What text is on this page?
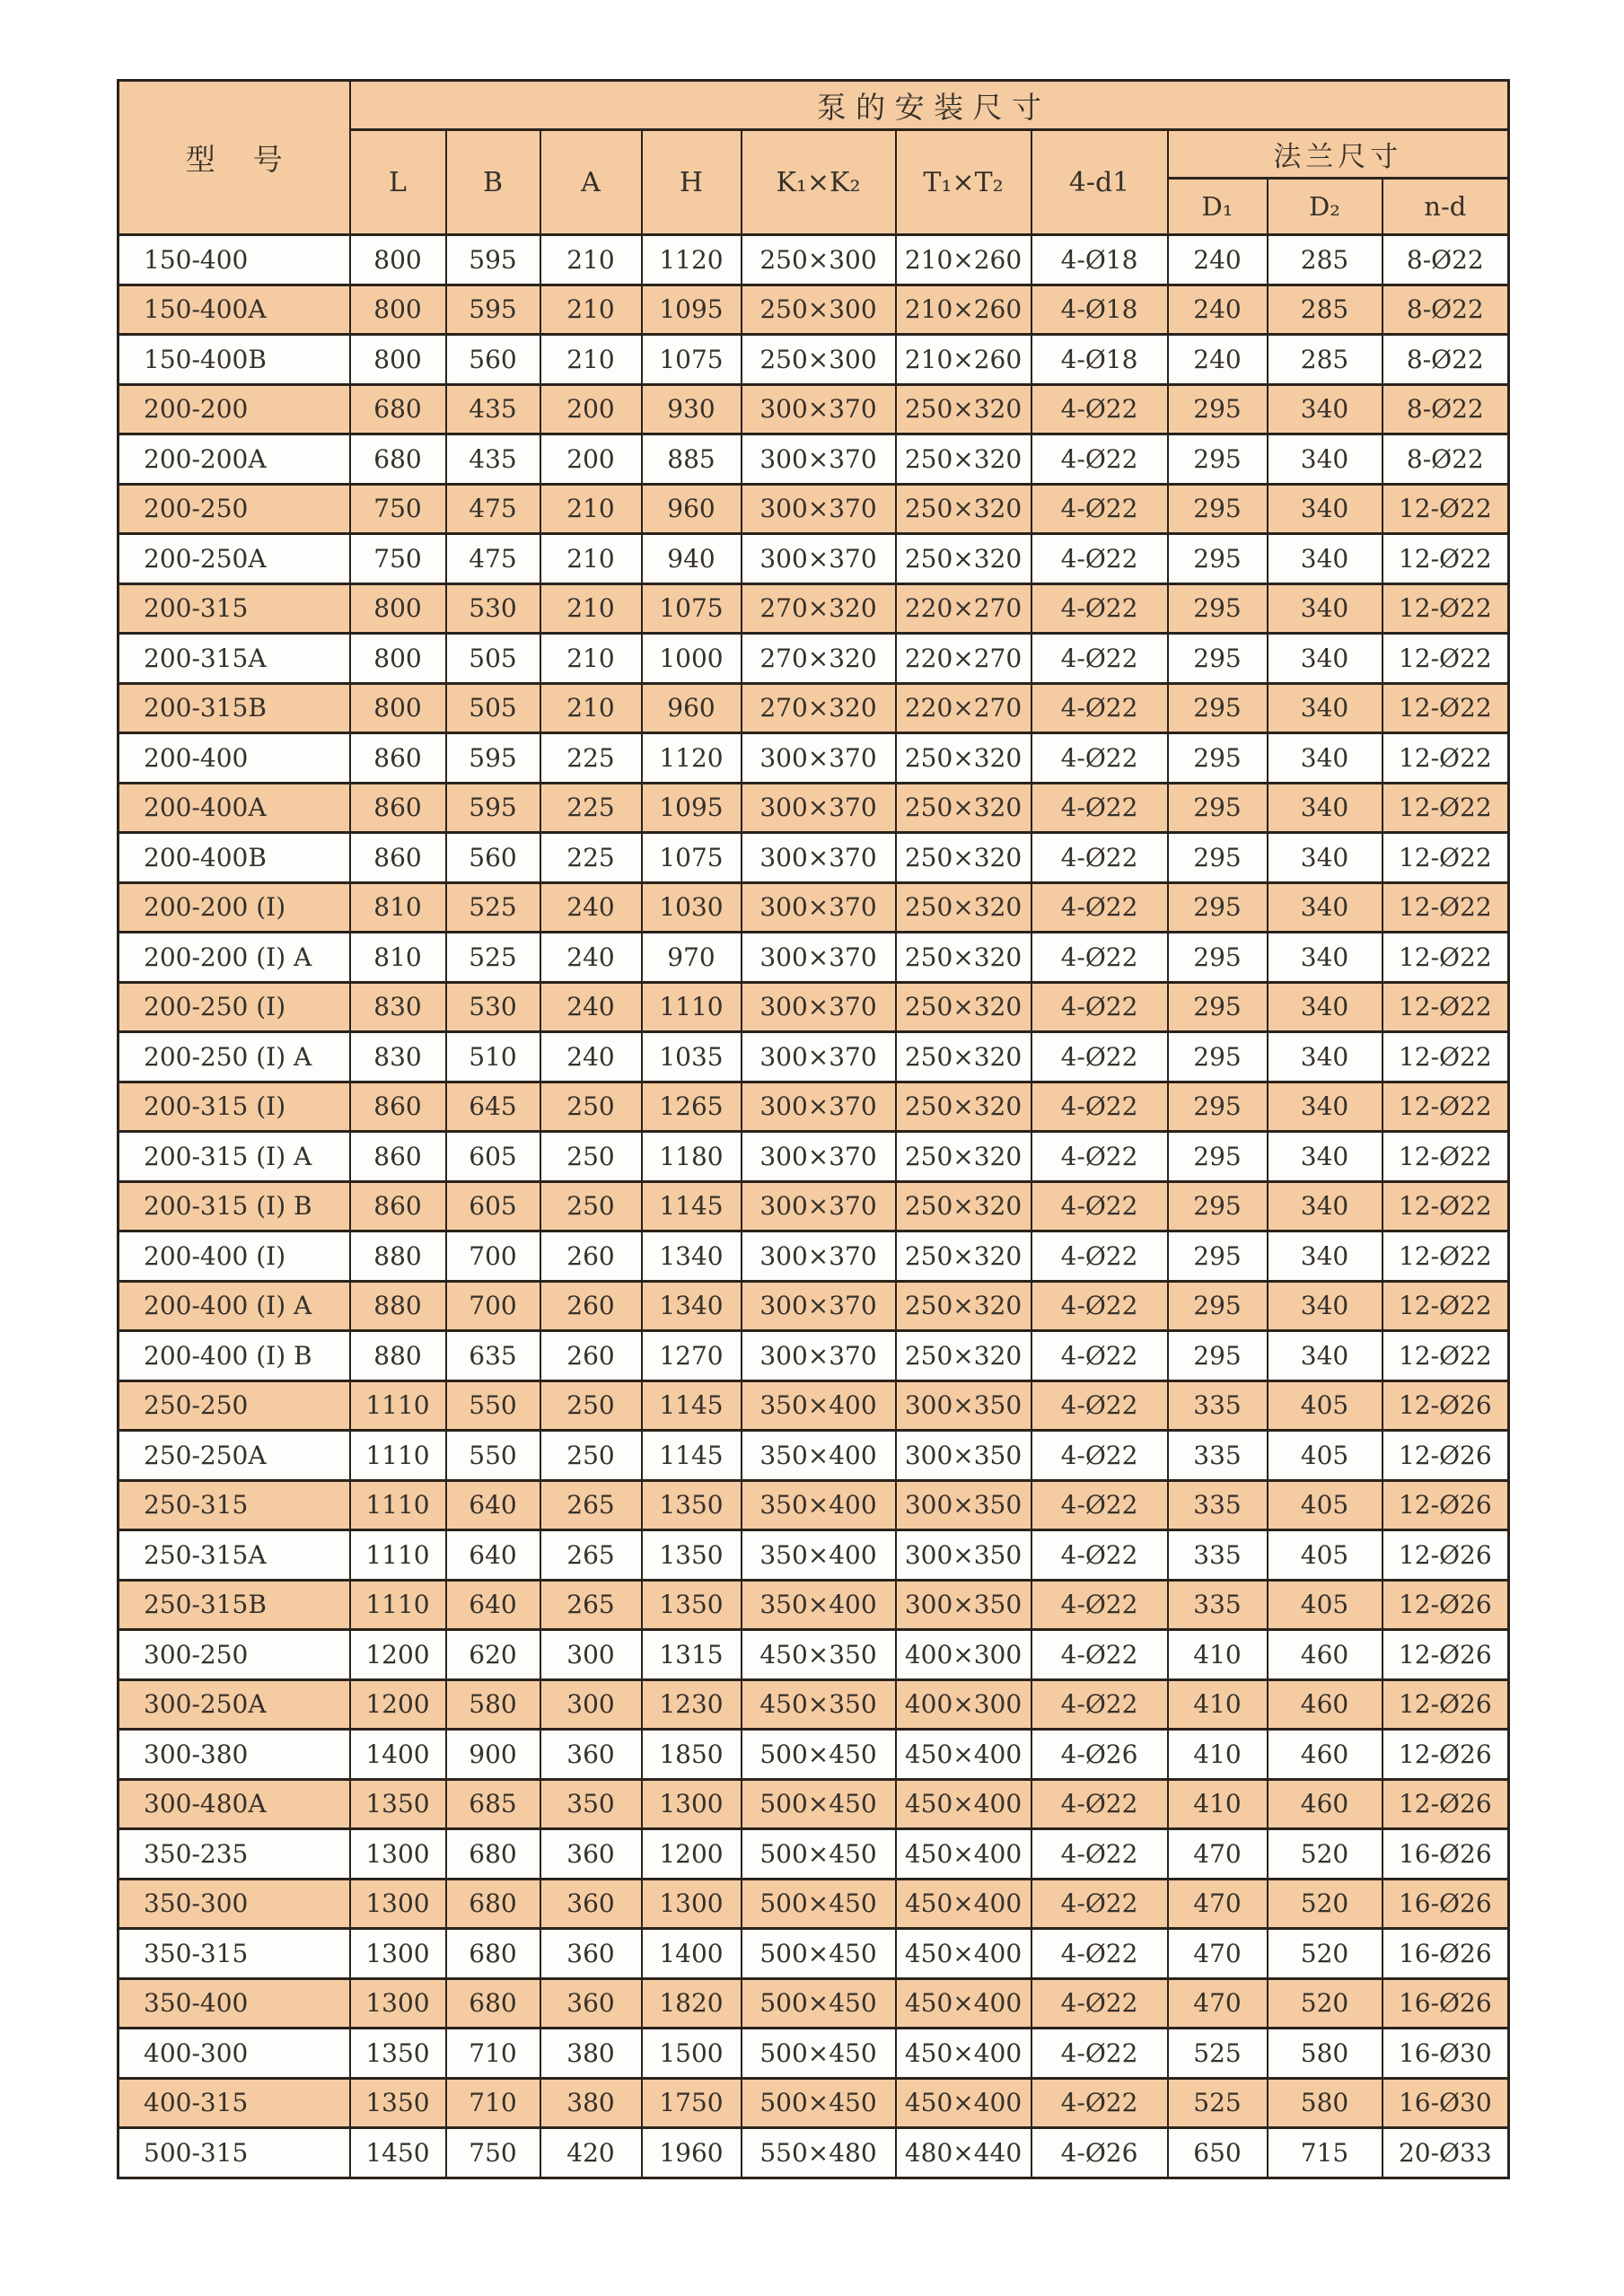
型    号	泵 的 安 装 尺 寸									
	L	B	A	H	K₁×K₂	T₁×T₂	4-d1	法兰尺寸		
								D₁	D₂	n-d
150-400	800	595	210	1120	250×300	210×260	4-Ø18	240	285	8-Ø22
150-400A	800	595	210	1095	250×300	210×260	4-Ø18	240	285	8-Ø22
150-400B	800	560	210	1075	250×300	210×260	4-Ø18	240	285	8-Ø22
200-200	680	435	200	930	300×370	250×320	4-Ø22	295	340	8-Ø22
200-200A	680	435	200	885	300×370	250×320	4-Ø22	295	340	8-Ø22
200-250	750	475	210	960	300×370	250×320	4-Ø22	295	340	12-Ø22
200-250A	750	475	210	940	300×370	250×320	4-Ø22	295	340	12-Ø22
200-315	800	530	210	1075	270×320	220×270	4-Ø22	295	340	12-Ø22
200-315A	800	505	210	1000	270×320	220×270	4-Ø22	295	340	12-Ø22
200-315B	800	505	210	960	270×320	220×270	4-Ø22	295	340	12-Ø22
200-400	860	595	225	1120	300×370	250×320	4-Ø22	295	340	12-Ø22
200-400A	860	595	225	1095	300×370	250×320	4-Ø22	295	340	12-Ø22
200-400B	860	560	225	1075	300×370	250×320	4-Ø22	295	340	12-Ø22
200-200 (I)	810	525	240	1030	300×370	250×320	4-Ø22	295	340	12-Ø22
200-200 (I) A	810	525	240	970	300×370	250×320	4-Ø22	295	340	12-Ø22
200-250 (I)	830	530	240	1110	300×370	250×320	4-Ø22	295	340	12-Ø22
200-250 (I) A	830	510	240	1035	300×370	250×320	4-Ø22	295	340	12-Ø22
200-315 (I)	860	645	250	1265	300×370	250×320	4-Ø22	295	340	12-Ø22
200-315 (I) A	860	605	250	1180	300×370	250×320	4-Ø22	295	340	12-Ø22
200-315 (I) B	860	605	250	1145	300×370	250×320	4-Ø22	295	340	12-Ø22
200-400 (I)	880	700	260	1340	300×370	250×320	4-Ø22	295	340	12-Ø22
200-400 (I) A	880	700	260	1340	300×370	250×320	4-Ø22	295	340	12-Ø22
200-400 (I) B	880	635	260	1270	300×370	250×320	4-Ø22	295	340	12-Ø22
250-250	1110	550	250	1145	350×400	300×350	4-Ø22	335	405	12-Ø26
250-250A	1110	550	250	1145	350×400	300×350	4-Ø22	335	405	12-Ø26
250-315	1110	640	265	1350	350×400	300×350	4-Ø22	335	405	12-Ø26
250-315A	1110	640	265	1350	350×400	300×350	4-Ø22	335	405	12-Ø26
250-315B	1110	640	265	1350	350×400	300×350	4-Ø22	335	405	12-Ø26
300-250	1200	620	300	1315	450×350	400×300	4-Ø22	410	460	12-Ø26
300-250A	1200	580	300	1230	450×350	400×300	4-Ø22	410	460	12-Ø26
300-380	1400	900	360	1850	500×450	450×400	4-Ø26	410	460	12-Ø26
300-480A	1350	685	350	1300	500×450	450×400	4-Ø22	410	460	12-Ø26
350-235	1300	680	360	1200	500×450	450×400	4-Ø22	470	520	16-Ø26
350-300	1300	680	360	1300	500×450	450×400	4-Ø22	470	520	16-Ø26
350-315	1300	680	360	1400	500×450	450×400	4-Ø22	470	520	16-Ø26
350-400	1300	680	360	1820	500×450	450×400	4-Ø22	470	520	16-Ø26
400-300	1350	710	380	1500	500×450	450×400	4-Ø22	525	580	16-Ø30
400-315	1350	710	380	1750	500×450	450×400	4-Ø22	525	580	16-Ø30
500-315	1450	750	420	1960	550×480	480×440	4-Ø26	650	715	20-Ø33
